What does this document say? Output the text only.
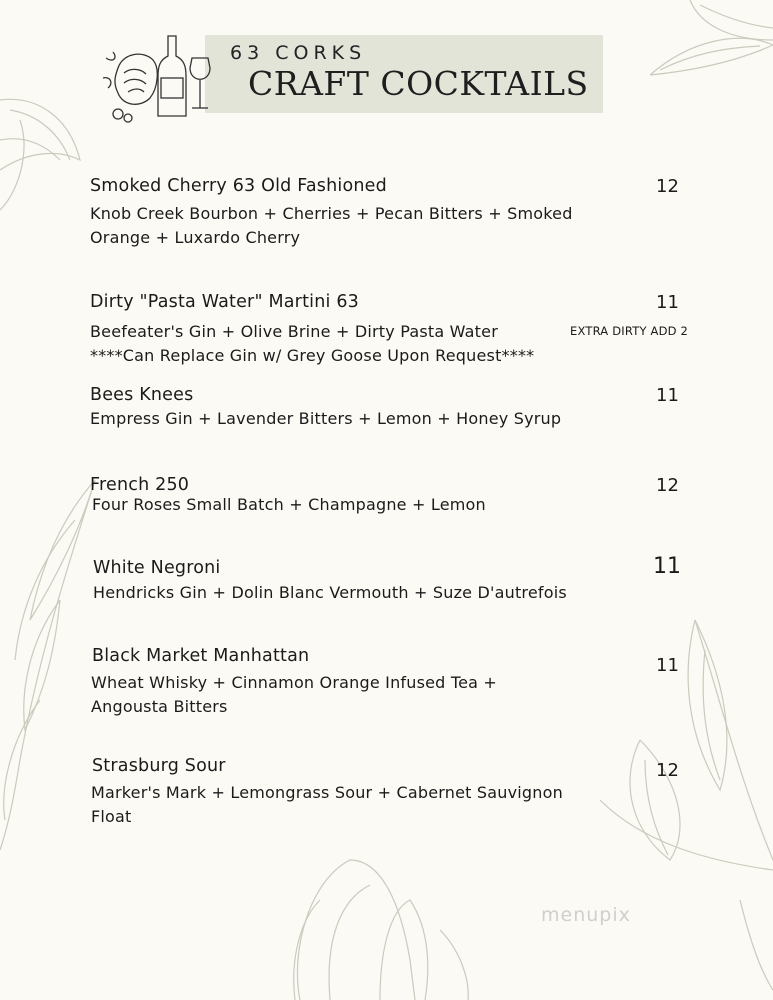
63 CORKS
CRAFT COCKTAILS
Smoked Cherry 63 Old Fashioned	12
Knob Creek Bourbon + Cherries + Pecan Bitters + Smoked Orange + Luxardo Cherry
Dirty "Pasta Water" Martini 63	11
Beefeater's Gin + Olive Brine + Dirty Pasta Water	EXTRA DIRTY ADD 2
****Can Replace Gin w/ Grey Goose Upon Request****
Bees Knees	11
Empress Gin + Lavender Bitters + Lemon + Honey Syrup
French 250	12
Four Roses Small Batch + Champagne + Lemon
White Negroni	11
Hendricks Gin + Dolin Blanc Vermouth + Suze D'autrefois
Black Market Manhattan	11
Wheat Whisky + Cinnamon Orange Infused Tea + Angousta Bitters
Strasburg Sour	12
Marker's Mark + Lemongrass Sour + Cabernet Sauvignon Float
menupix
